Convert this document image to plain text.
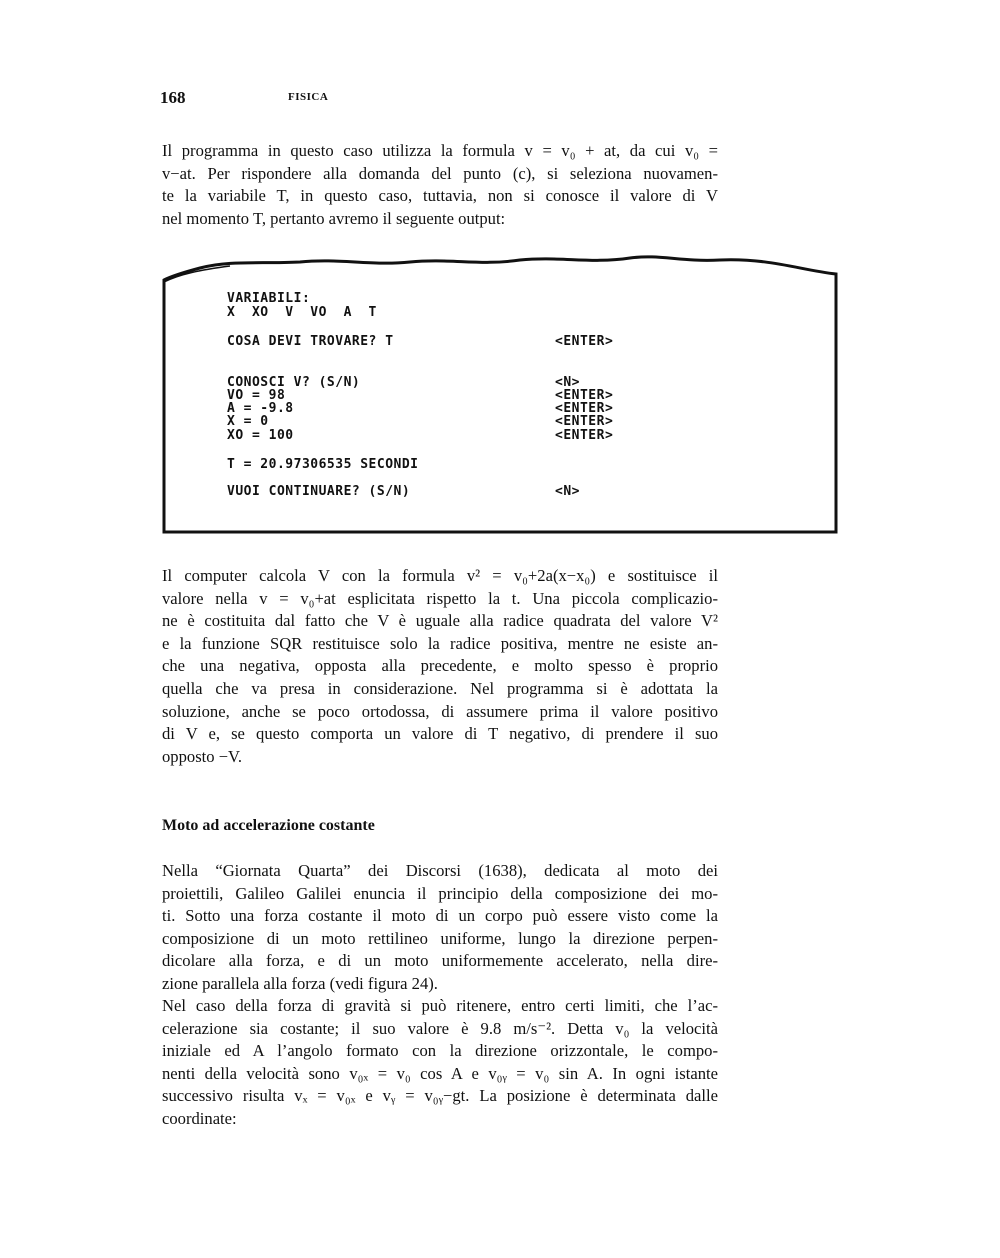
168	FISICA
Il programma in questo caso utilizza la formula v = v₀ + at, da cui v₀ =
v−at. Per rispondere alla domanda del punto (c), si seleziona nuovamen-
te la variabile T, in questo caso, tuttavia, non si conosce il valore di V
nel momento T, pertanto avremo il seguente output:
VARIABILI:
X  XO  V  VO  A  T
COSA DEVI TROVARE? T	<ENTER>
CONOSCI V? (S/N)	<N>
VO = 98	<ENTER>
A = -9.8	<ENTER>
X = 0	<ENTER>
XO = 100	<ENTER>
T = 20.97306535 SECONDI
VUOI CONTINUARE? (S/N)	<N>
Il computer calcola V con la formula v² = v₀+2a(x−x₀) e sostituisce il
valore nella v = v₀+at esplicitata rispetto la t. Una piccola complicazio-
ne è costituita dal fatto che V è uguale alla radice quadrata del valore V²
e la funzione SQR restituisce solo la radice positiva, mentre ne esiste an-
che una negativa, opposta alla precedente, e molto spesso è proprio
quella che va presa in considerazione. Nel programma si è adottata la
soluzione, anche se poco ortodossa, di assumere prima il valore positivo
di V e, se questo comporta un valore di T negativo, di prendere il suo
opposto −V.
Moto ad accelerazione costante
Nella “Giornata Quarta” dei Discorsi (1638), dedicata al moto dei
proiettili, Galileo Galilei enuncia il principio della composizione dei mo-
ti. Sotto una forza costante il moto di un corpo può essere visto come la
composizione di un moto rettilineo uniforme, lungo la direzione perpen-
dicolare alla forza, e di un moto uniformemente accelerato, nella dire-
zione parallela alla forza (vedi figura 24).
Nel caso della forza di gravità si può ritenere, entro certi limiti, che l’ac-
celerazione sia costante; il suo valore è 9.8 m/s⁻². Detta v₀ la velocità
iniziale ed A l’angolo formato con la direzione orizzontale, le compo-
nenti della velocità sono v₀ₓ = v₀ cos A e v₀ᵧ = v₀ sin A. In ogni istante
successivo risulta vₓ = v₀ₓ e vᵧ = v₀ᵧ−gt. La posizione è determinata dalle
coordinate:
